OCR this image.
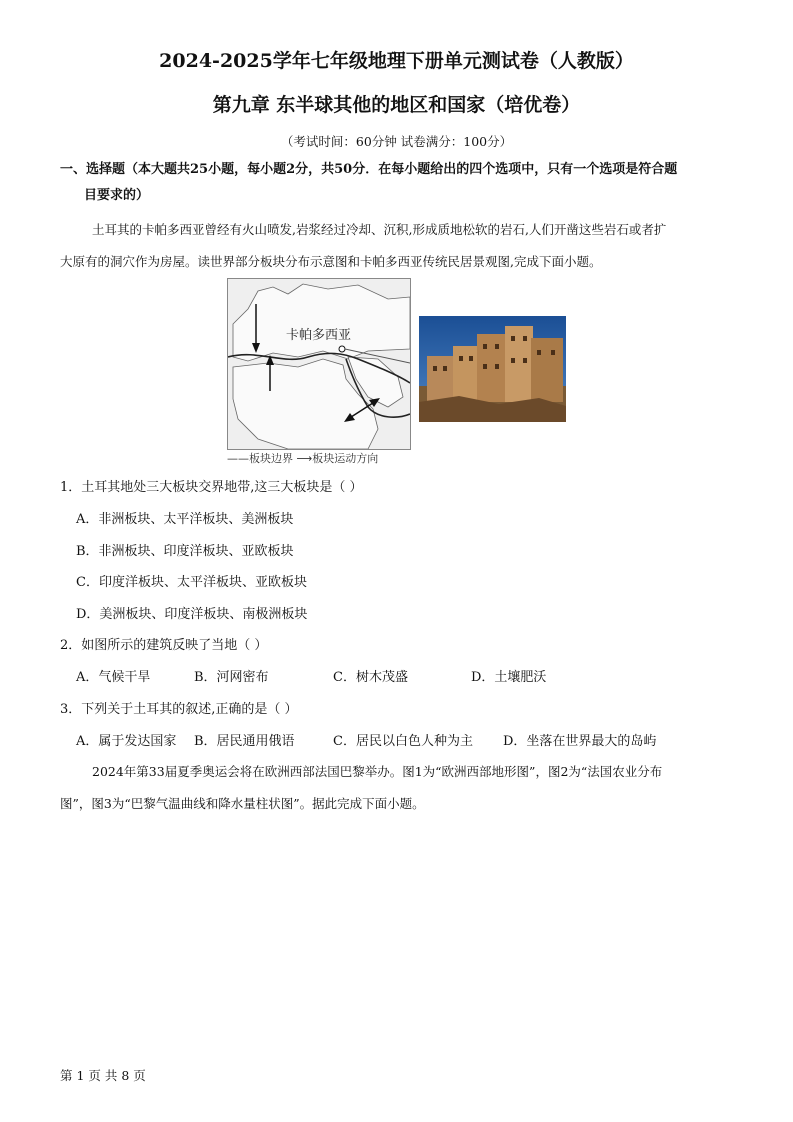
2024-2025学年七年级地理下册单元测试卷（人教版）
第九章 东半球其他的地区和国家（培优卷）
（考试时间：60分钟 试卷满分：100分）
一、选择题（本大题共25小题，每小题2分，共50分．在每小题给出的四个选项中，只有一个选项是符合题
目要求的）
土耳其的卡帕多西亚曾经有火山喷发,岩浆经过冷却、沉积,形成质地松软的岩石,人们开凿这些岩石或者扩
大原有的洞穴作为房屋。读世界部分板块分布示意图和卡帕多西亚传统民居景观图,完成下面小题。
卡帕多西亚
——板块边界 ⟶板块运动方向
1．土耳其地处三大板块交界地带,这三大板块是（ ）
A．非洲板块、太平洋板块、美洲板块
B．非洲板块、印度洋板块、亚欧板块
C．印度洋板块、太平洋板块、亚欧板块
D．美洲板块、印度洋板块、南极洲板块
2．如图所示的建筑反映了当地（ ）
A．气候干旱	B．河网密布	C．树木茂盛	D．土壤肥沃
3．下列关于土耳其的叙述,正确的是（ ）
A．属于发达国家 B．居民通用俄语	C．居民以白色人种为主 D．坐落在世界最大的岛屿
2024年第33届夏季奥运会将在欧洲西部法国巴黎举办。图1为“欧洲西部地形图”，图2为“法国农业分布
图”，图3为“巴黎气温曲线和降水量柱状图”。据此完成下面小题。
第 1 页 共 8 页
